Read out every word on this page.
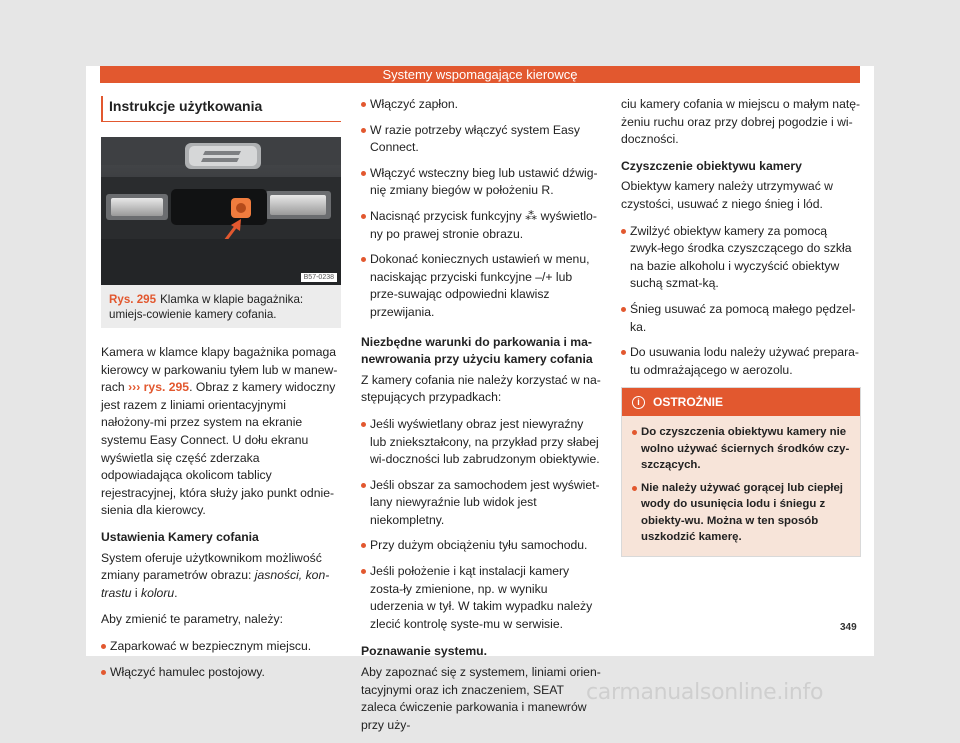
Systemy wspomagające kierowcę
Instrukcje użytkowania
B57-0238
Rys. 295 Klamka w klapie bagażnika: umiejs-cowienie kamery cofania.

Kamera w klamce klapy bagażnika pomaga kierowcy w parkowaniu tyłem lub w manew-rach ››› rys. 295. Obraz z kamery widoczny jest razem z liniami orientacyjnymi nałożony-mi przez system na ekranie systemu Easy Connect. U dołu ekranu wyświetla się część zderzaka odpowiadająca okolicom tablicy rejestracyjnej, która służy jako punkt odnie-sienia dla kierowcy.

Ustawienia Kamery cofania

System oferuje użytkownikom możliwość zmiany parametrów obrazu: jasności, kon-trastu i koloru.

Aby zmienić te parametry, należy:

Zaparkować w bezpiecznym miejscu.
Włączyć hamulec postojowy.
Włączyć zapłon.
W razie potrzeby włączyć system Easy Connect.
Włączyć wsteczny bieg lub ustawić dźwig-nię zmiany biegów w położeniu R.
Nacisnąć przycisk funkcyjny ⁂ wyświetlo-ny po prawej stronie obrazu.
Dokonać koniecznych ustawień w menu, naciskając przyciski funkcyjne –/+ lub prze-suwając odpowiedni klawisz przewijania.
Niezbędne warunki do parkowania i ma-newrowania przy użyciu kamery cofania

Z kamery cofania nie należy korzystać w na-stępujących przypadkach:

Jeśli wyświetlany obraz jest niewyraźny lub zniekształcony, na przykład przy słabej wi-doczności lub zabrudzonym obiektywie.
Jeśli obszar za samochodem jest wyświet-lany niewyraźnie lub widok jest niekompletny.
Przy dużym obciążeniu tyłu samochodu.
Jeśli położenie i kąt instalacji kamery zosta-ły zmienione, np. w wyniku uderzenia w tył. W takim wypadku należy zlecić kontrolę syste-mu w serwisie.
Poznawanie systemu.

Aby zapoznać się z systemem, liniami orien-tacyjnymi oraz ich znaczeniem, SEAT zaleca ćwiczenie parkowania i manewrów przy uży-

ciu kamery cofania w miejscu o małym natę-żeniu ruchu oraz przy dobrej pogodzie i wi-doczności.

Czyszczenie obiektywu kamery

Obiektyw kamery należy utrzymywać w czystości, usuwać z niego śnieg i lód.

Zwilżyć obiektyw kamery za pomocą zwyk-łego środka czyszczącego do szkła na bazie alkoholu i wyczyścić obiektyw suchą szmat-ką.
Śnieg usuwać za pomocą małego pędzel-ka.
Do usuwania lodu należy używać prepara-tu odmrażającego w aerozolu.
i	OSTROŻNIE
Do czyszczenia obiektywu kamery nie wolno używać ściernych środków czy-szczących.
Nie należy używać gorącej lub ciepłej wody do usunięcia lodu i śniegu z obiekty-wu. Można w ten sposób uszkodzić kamerę.
349
carmanualsonline.info
